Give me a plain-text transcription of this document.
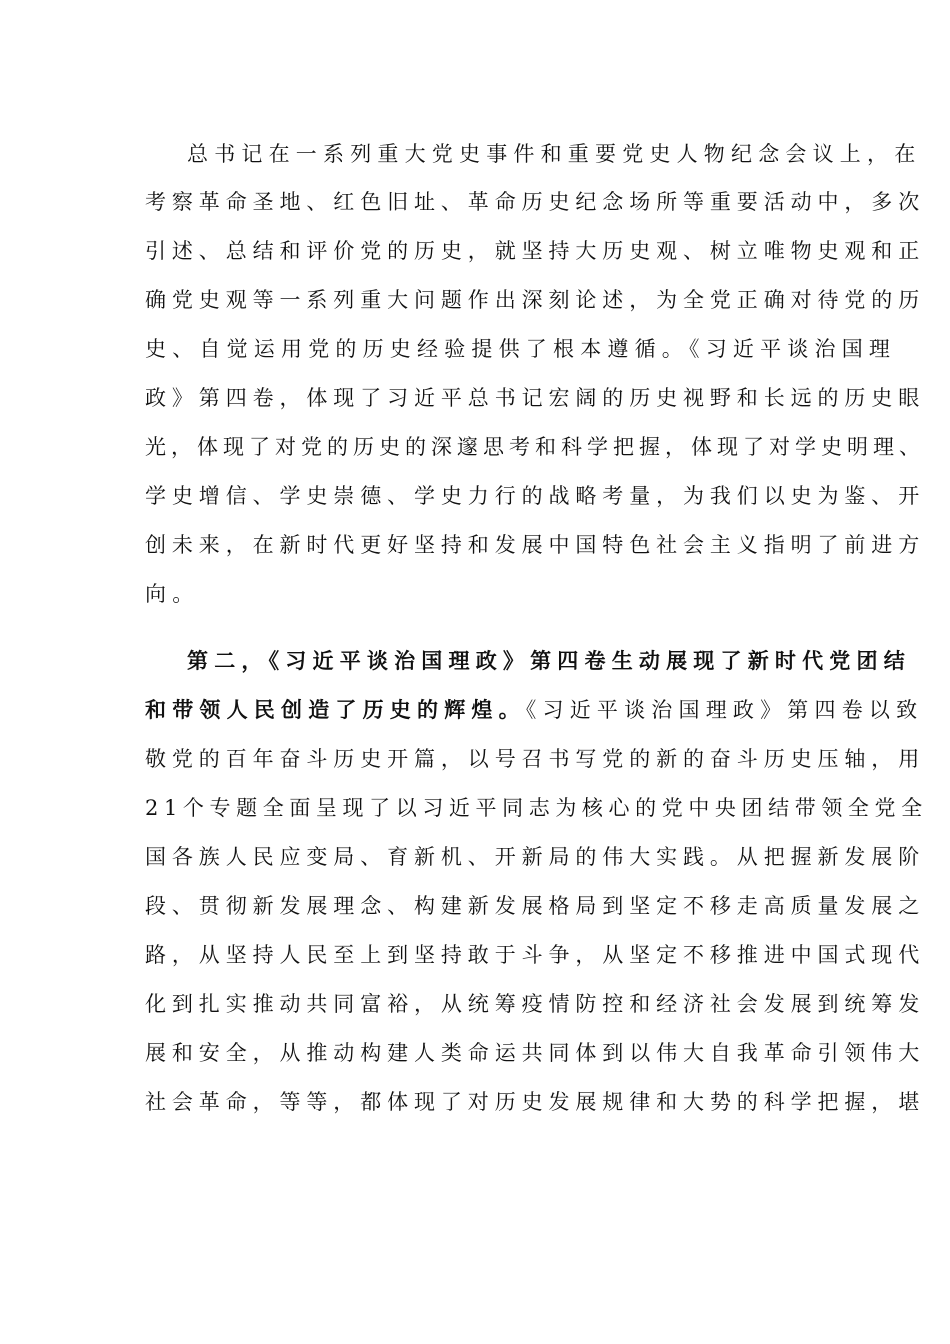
总书记在一系列重大党史事件和重要党史人物纪念会议上，在
考察革命圣地、红色旧址、革命历史纪念场所等重要活动中，多次
引述、总结和评价党的历史，就坚持大历史观、树立唯物史观和正
确党史观等一系列重大问题作出深刻论述，为全党正确对待党的历
史、自觉运用党的历史经验提供了根本遵循。《习近平谈治国理
政》第四卷，体现了习近平总书记宏阔的历史视野和长远的历史眼
光，体现了对党的历史的深邃思考和科学把握，体现了对学史明理、
学史增信、学史崇德、学史力行的战略考量，为我们以史为鉴、开
创未来，在新时代更好坚持和发展中国特色社会主义指明了前进方
向。
第二，《习近平谈治国理政》第四卷生动展现了新时代党团结
和带领人民创造了历史的辉煌。《习近平谈治国理政》第四卷以致
敬党的百年奋斗历史开篇，以号召书写党的新的奋斗历史压轴，用
21个专题全面呈现了以习近平同志为核心的党中央团结带领全党全
国各族人民应变局、育新机、开新局的伟大实践。从把握新发展阶
段、贯彻新发展理念、构建新发展格局到坚定不移走高质量发展之
路，从坚持人民至上到坚持敢于斗争，从坚定不移推进中国式现代
化到扎实推动共同富裕，从统筹疫情防控和经济社会发展到统筹发
展和安全，从推动构建人类命运共同体到以伟大自我革命引领伟大
社会革命，等等，都体现了对历史发展规律和大势的科学把握，堪
